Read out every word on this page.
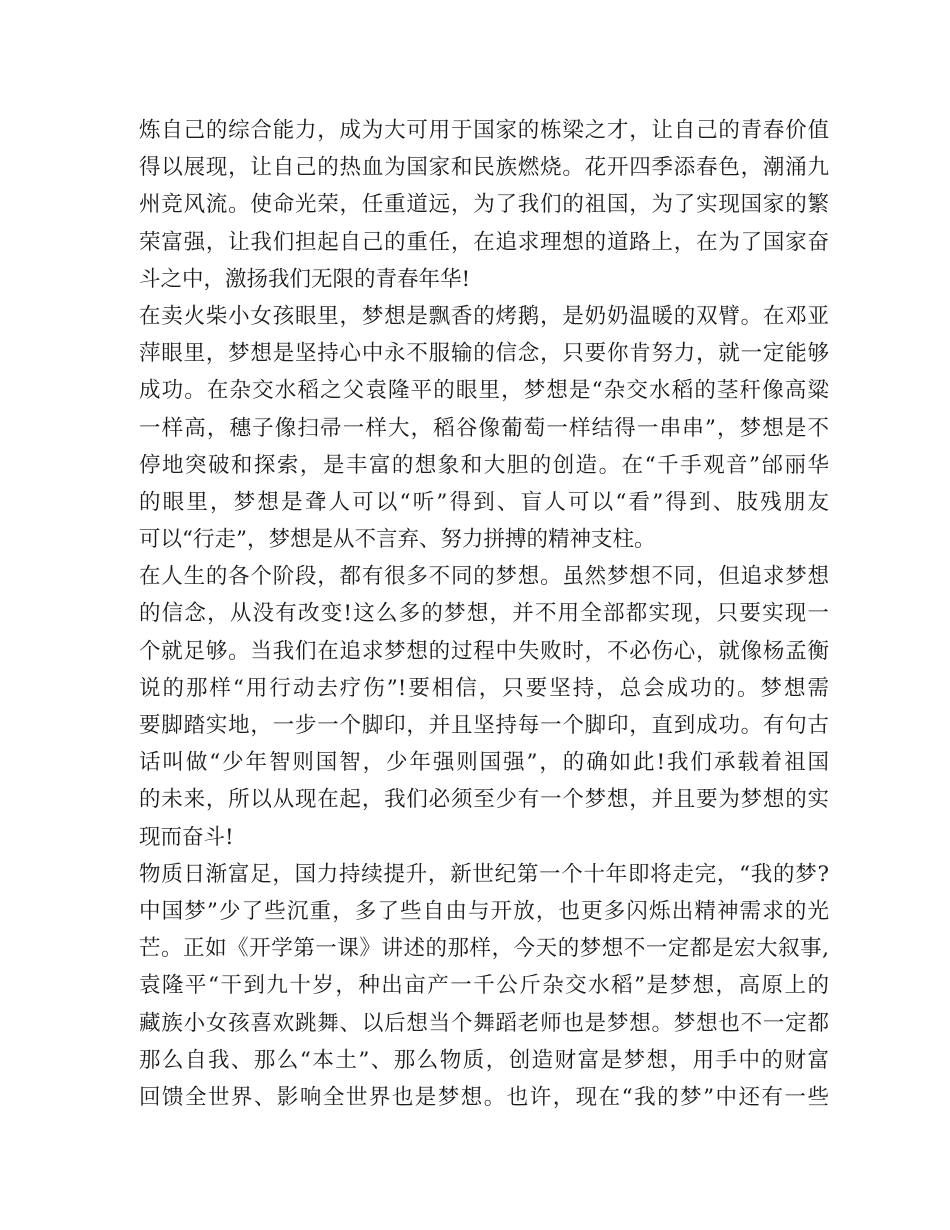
炼自己的综合能力，成为大可用于国家的栋梁之才，让自己的青春价值
得以展现，让自己的热血为国家和民族燃烧。花开四季添春色，潮涌九
州竞风流。使命光荣，任重道远，为了我们的祖国，为了实现国家的繁
荣富强，让我们担起自己的重任，在追求理想的道路上，在为了国家奋
斗之中，激扬我们无限的青春年华!
在卖火柴小女孩眼里，梦想是飘香的烤鹅，是奶奶温暖的双臂。在邓亚
萍眼里，梦想是坚持心中永不服输的信念，只要你肯努力，就一定能够
成功。在杂交水稻之父袁隆平的眼里，梦想是“杂交水稻的茎秆像高粱
一样高，穗子像扫帚一样大，稻谷像葡萄一样结得一串串”，梦想是不
停地突破和探索，是丰富的想象和大胆的创造。在“千手观音”邰丽华
的眼里，梦想是聋人可以“听”得到、盲人可以“看”得到、肢残朋友
可以“行走”，梦想是从不言弃、努力拼搏的精神支柱。
在人生的各个阶段，都有很多不同的梦想。虽然梦想不同，但追求梦想
的信念，从没有改变!这么多的梦想，并不用全部都实现，只要实现一
个就足够。当我们在追求梦想的过程中失败时，不必伤心，就像杨孟衡
说的那样“用行动去疗伤”!要相信，只要坚持，总会成功的。梦想需
要脚踏实地，一步一个脚印，并且坚持每一个脚印，直到成功。有句古
话叫做“少年智则国智，少年强则国强”，的确如此!我们承载着祖国
的未来，所以从现在起，我们必须至少有一个梦想，并且要为梦想的实
现而奋斗!
物质日渐富足，国力持续提升，新世纪第一个十年即将走完，“我的梦?
中国梦”少了些沉重，多了些自由与开放，也更多闪烁出精神需求的光
芒。正如《开学第一课》讲述的那样，今天的梦想不一定都是宏大叙事,
袁隆平“干到九十岁，种出亩产一千公斤杂交水稻”是梦想，高原上的
藏族小女孩喜欢跳舞、以后想当个舞蹈老师也是梦想。梦想也不一定都
那么自我、那么“本土”、那么物质，创造财富是梦想，用手中的财富
回馈全世界、影响全世界也是梦想。也许，现在“我的梦”中还有一些
